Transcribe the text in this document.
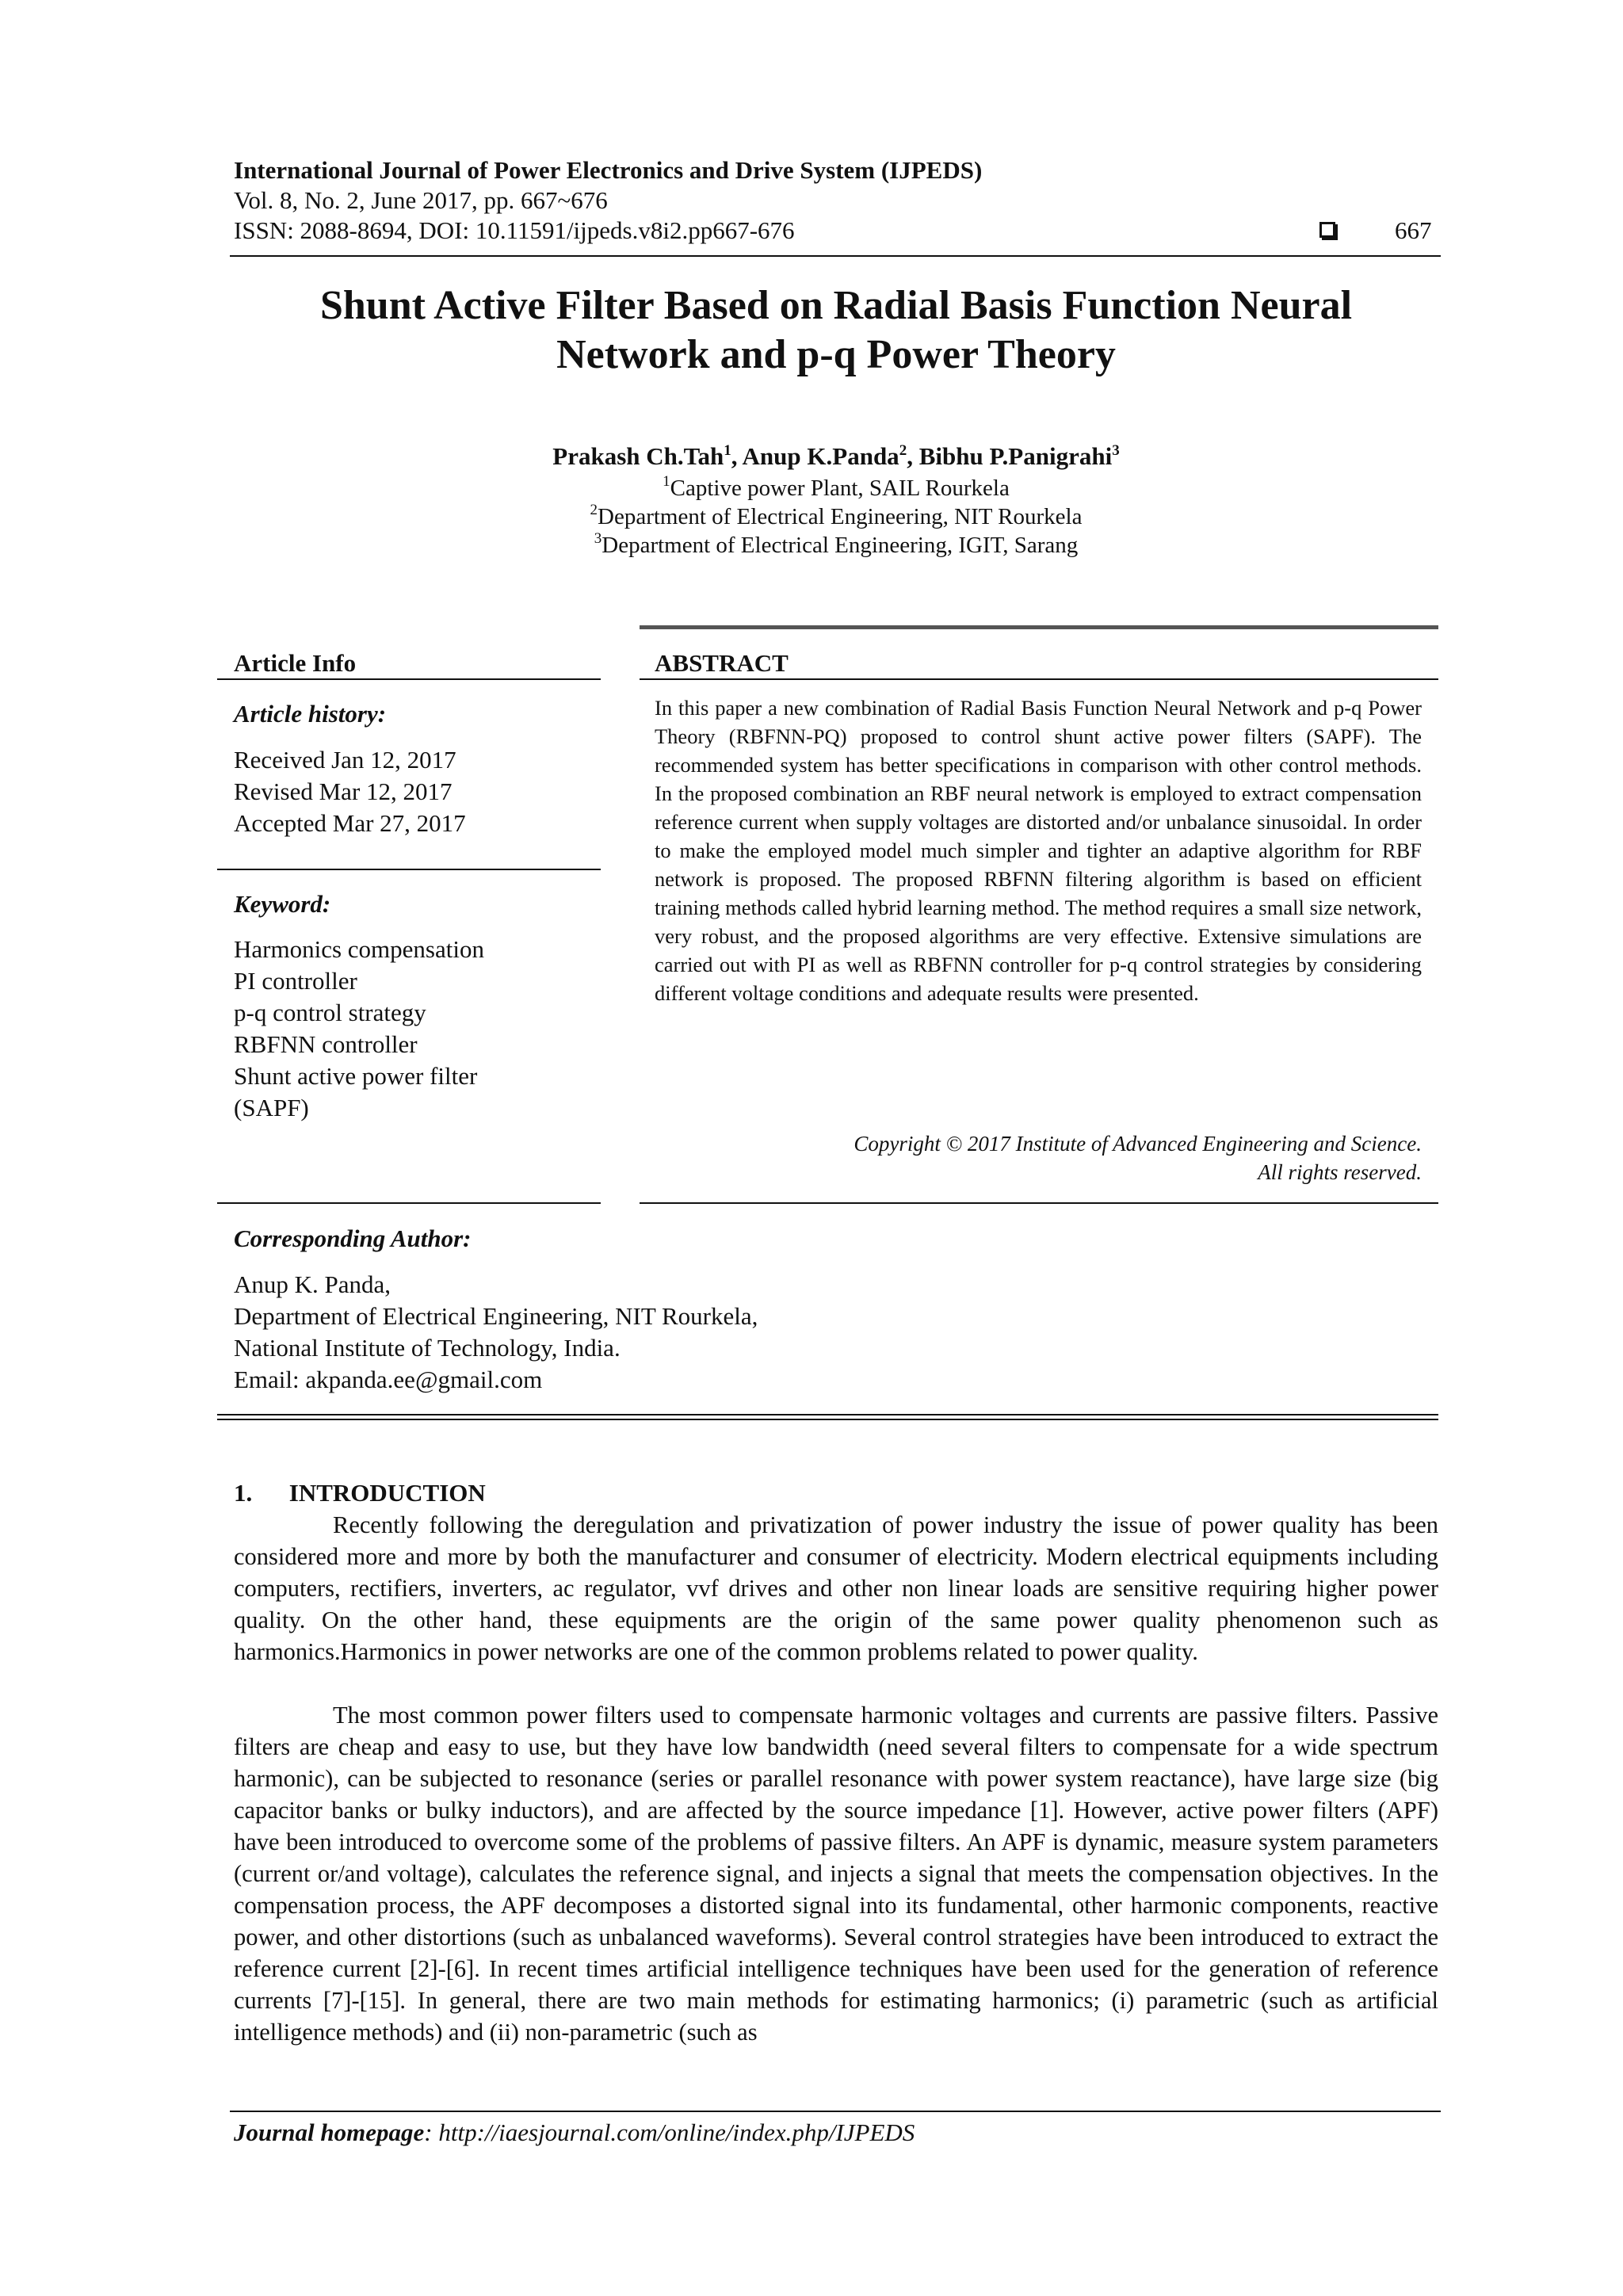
International Journal of Power Electronics and Drive System (IJPEDS)
Vol. 8, No. 2, June 2017, pp. 667~676
ISSN: 2088-8694, DOI: 10.11591/ijpeds.v8i2.pp667-676	667
Shunt Active Filter Based on Radial Basis Function Neural
Network and p-q Power Theory
Prakash Ch.Tah$^1$, Anup K.Panda$^2$, Bibhu P.Panigrahi$^3$
$^1$Captive power Plant, SAIL Rourkela
$^2$Department of Electrical Engineering, NIT Rourkela
$^3$Department of Electrical Engineering, IGIT, Sarang
Article Info
Article history:
Received Jan 12, 2017
Revised Mar 12, 2017
Accepted Mar 27, 2017
Keyword:
Harmonics compensation
PI controller
p-q control strategy
RBFNN controller
Shunt active power filter
(SAPF)
ABSTRACT
In this paper a new combination of Radial Basis Function Neural Network and p-q Power Theory (RBFNN-PQ) proposed to control shunt active power filters (SAPF). The recommended system has better specifications in comparison with other control methods. In the proposed combination an RBF neural network is employed to extract compensation reference current when supply voltages are distorted and/or unbalance sinusoidal. In order to make the employed model much simpler and tighter an adaptive algorithm for RBF network is proposed. The proposed RBFNN filtering algorithm is based on efficient training methods called hybrid learning method. The method requires a small size network, very robust, and the proposed algorithms are very effective. Extensive simulations are carried out with PI as well as RBFNN controller for p-q control strategies by considering different voltage conditions and adequate results were presented.
Copyright © 2017 Institute of Advanced Engineering and Science.
All rights reserved.
Corresponding Author:
Anup K. Panda,
Department of Electrical Engineering, NIT Rourkela,
National Institute of Technology, India.
Email: akpanda.ee@gmail.com
1.      INTRODUCTION

Recently following the deregulation and privatization of power industry the issue of power quality has been considered more and more by both the manufacturer and consumer of electricity. Modern electrical equipments including computers, rectifiers, inverters, ac regulator, vvf drives and other non linear loads are sensitive requiring higher power quality. On the other hand, these equipments are the origin of the same power quality phenomenon such as harmonics.Harmonics in power networks are one of the common problems related to power quality.

The most common power filters used to compensate harmonic voltages and currents are passive filters. Passive filters are cheap and easy to use, but they have low bandwidth (need several filters to compensate for a wide spectrum harmonic), can be subjected to resonance (series or parallel resonance with power system reactance), have large size (big capacitor banks or bulky inductors), and are affected by the source impedance [1]. However, active power filters (APF) have been introduced to overcome some of the problems of passive filters. An APF is dynamic, measure system parameters (current or/and voltage), calculates the reference signal, and injects a signal that meets the compensation objectives. In the compensation process, the APF decomposes a distorted signal into its fundamental, other harmonic components, reactive power, and other distortions (such as unbalanced waveforms). Several control strategies have been introduced to extract the reference current [2]-[6]. In recent times artificial intelligence techniques have been used for the generation of reference currents [7]-[15]. In general, there are two main methods for estimating harmonics; (i) parametric (such as artificial intelligence methods) and (ii) non-parametric (such as

Journal homepage: http://iaesjournal.com/online/index.php/IJPEDS
